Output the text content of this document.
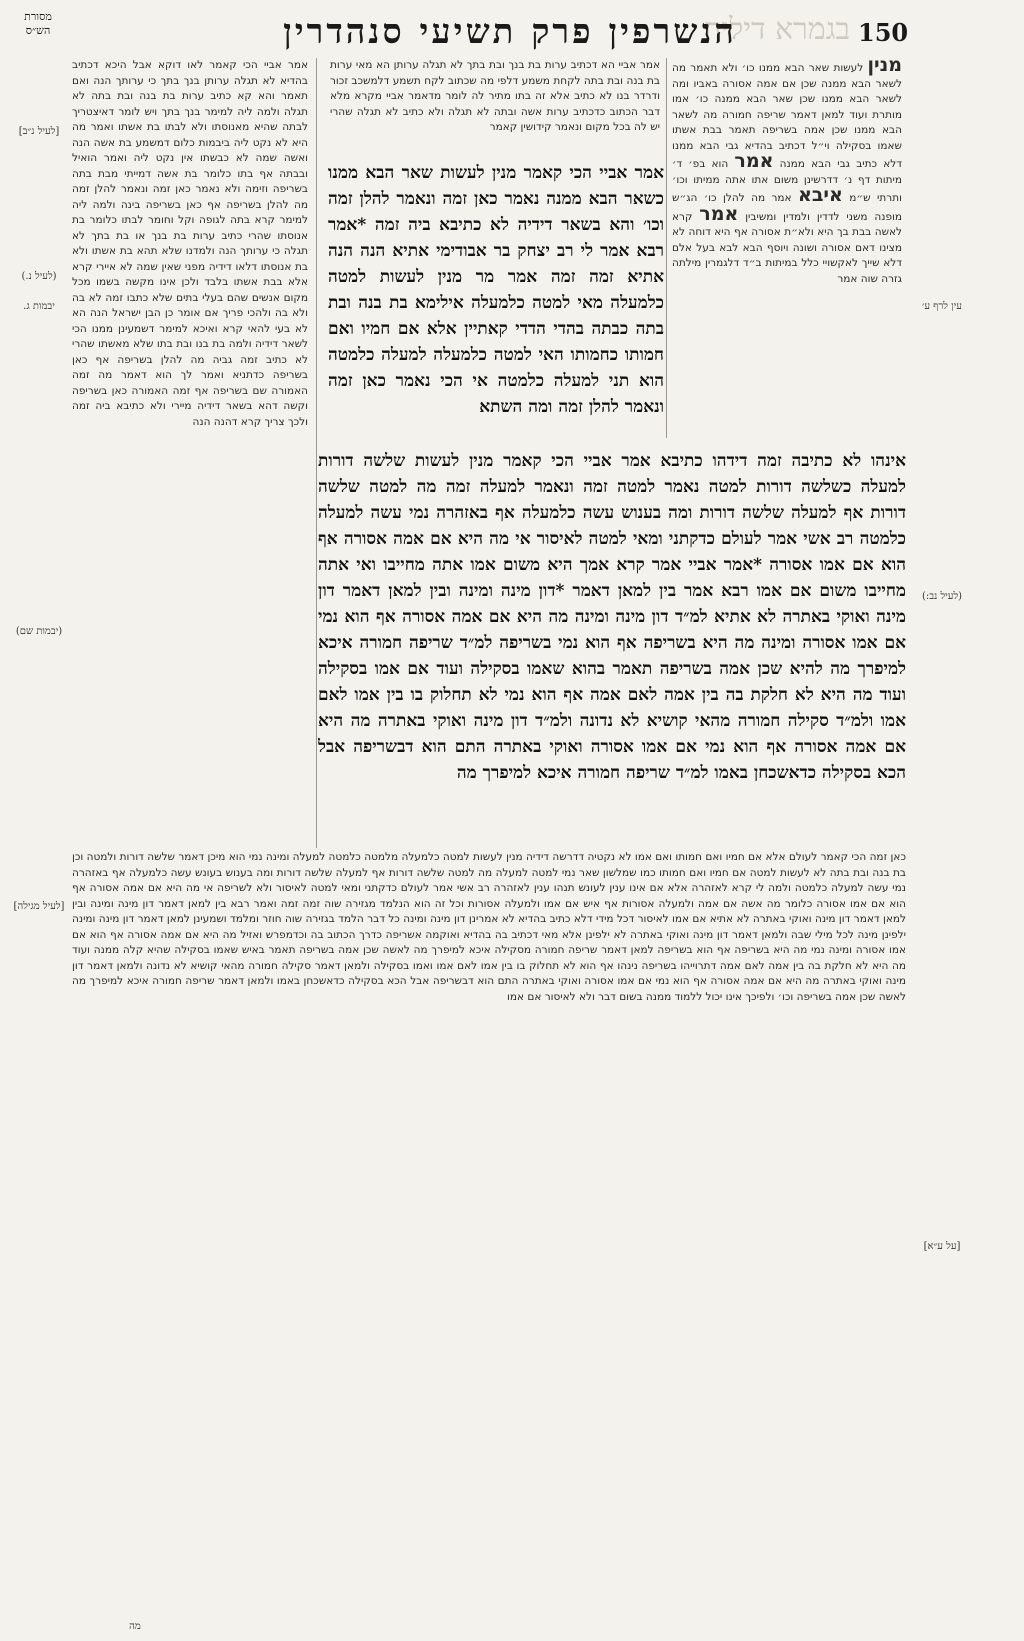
בגמרא דיליה 150
הנשרפין פרק תשיעי סנהדרין
מסורת הש״ס
מנין לעשות שאר הבא ממנו כו׳ ולא תאמר מה לשאר הבא ממנה שכן אם אמה אסורה באביו ומה לשאר הבא ממנו שכן שאר הבא ממנה כו׳ אמו מותרת ועוד למאן דאמר שריפה חמורה מה לשאר הבא ממנו שכן אמה בשריפה תאמר בבת אשתו שאמו בסקילה וי״ל דכתיב בהדיא גבי הבא ממנו דלא כתיב גבי הבא ממנה אמר הוא בפ׳ ד׳ מיתות דף נ׳ דדרשינן משום אתו אתה ממיתו וכו׳ ותרתי ש״מ איבא אמר מה להלן כו׳ הג״ש מופנה משני לדדין ולמדין ומשיבין אמר קרא לאשה בבת בך היא ולא״ת אסורה אף היא דוחה לא מצינו דאם אסורה ושונה ויוסף הבא לבא בעל אלם דלא שייך לאקשויי כלל במיתות ב״ד דלגמרין מילתה גזרה שוה אמר
אמר אביי הא דכתיב ערות בת בנך ובת בתך לא תגלה ערותן הא מאי ערות בת בנה ובת בתה לקחת משמע דלפי מה שכתוב לקח תשמע דלמשכב זכור ודרדר בנו לא כתיב אלא זה בתו מתיר לה לומר מדאמר אביי מקרא מלא דבר הכתוב כדכתיב ערות אשה ובתה לא תגלה ולא כתיב לא תגלה שהרי יש לה בכל מקום ונאמר קידושין קאמר
אמר אביי הכי קאמר מנין לעשות שאר הבא ממנו כשאר הבא ממנה נאמר כאן זמה ונאמר להלן זמה וכו׳ והא בשאר דידיה לא כתיבא ביה זמה *אמר רבא אמר לי רב יצחק בר אבודימי אתיא הנה הנה אתיא זמה זמה אמר מר מנין לעשות למטה כלמעלה מאי למטה כלמעלה אילימא בת בנה ובת בתה כבתה בהדי הדדי קאתיין אלא אם חמיו ואם חמותו כחמותו האי למטה כלמעלה למעלה כלמטה הוא תני למעלה כלמטה אי הכי נאמר כאן זמה ונאמר להלן זמה ומה השתא
אינהו לא כתיבה זמה דידהו כתיבא אמר אביי הכי קאמר מנין לעשות שלשה דורות למעלה כשלשה דורות למטה נאמר למטה זמה ונאמר למעלה זמה מה למטה שלשה דורות אף למעלה שלשה דורות ומה בענוש עשה כלמעלה אף באזהרה נמי עשה למעלה כלמטה רב אשי אמר לעולם כדקתני ומאי למטה לאיסור אי מה היא אם אמה אסורה אף הוא אם אמו אסורה *אמר אביי אמר קרא אמך היא משום אמו אתה מחייבו ואי אתה מחייבו משום אם אמו רבא אמר בין למאן דאמר *דון מינה ומינה ובין למאן דאמר דון מינה ואוקי באתרה לא אתיא למ״ד דון מינה ומינה מה היא אם אמה אסורה אף הוא נמי אם אמו אסורה ומינה מה היא בשריפה אף הוא נמי בשריפה למ״ד שריפה חמורה איכא למיפרך מה להיא שכן אמה בשריפה תאמר בהוא שאמו בסקילה ועוד אם אמו בסקילה ועוד מה היא לא חלקת בה בין אמה לאם אמה אף הוא נמי לא תחלוק בו בין אמו לאם אמו ולמ״ד סקילה חמורה מהאי קושיא לא נדונה ולמ״ד דון מינה ואוקי באתרה מה היא אם אמה אסורה אף הוא נמי אם אמו אסורה ואוקי באתרה התם הוא דבשריפה אבל הכא בסקילה כדאשכחן באמו למ״ד שריפה חמורה איכא למיפרך מה
אמר אביי הכי קאמר לאו דוקא אבל היכא דכתיב בהדיא לא תגלה ערותן בנך בתך כי ערותך הנה ואם תאמר והא קא כתיב ערות בת בנה ובת בתה לא תגלה ולמה ליה למימר בנך בתך ויש לומר דאיצטריך לבתה שהיא מאנוסתו ולא לבתו בת אשתו ואמר מה היא לא נקט ליה ביבמות כלום דמשמע בת אשה הנה ואשה שמה לא כבשתו אין נקט ליה ואמר הואיל ובבתה אף בתו כלומר בת אשה דמייתי מבת בתה בשריפה וזימה ולא נאמר כאן זמה ונאמר להלן זמה מה להלן בשריפה אף כאן בשריפה בינה ולמה ליה למימר קרא בתה לגופה וקל וחומר לבתו כלומר בת אנוסתו שהרי כתיב ערות בת בנך או בת בתך לא תגלה כי ערותך הנה ולמדנו שלא תהא בת אשתו ולא בת אנוסתו דלאו דידיה מפני שאין שמה לא איירי קרא אלא בבת אשתו בלבד ולכן אינו מקשה בשמו מכל מקום אנשים שהם בעלי בתים שלא כתבו זמה לא בה ולא בה ולהכי פריך אם אומר כן הבן ישראל הנה הא לא בעי להאי קרא ואיכא למימר דשמעינן ממנו הכי לשאר דידיה ולמה בת בנו ובת בתו שלא מאשתו שהרי לא כתיב זמה גביה מה להלן בשריפה אף כאן בשריפה כדתניא ואמר לך הוא דאמר מה זמה האמורה שם בשריפה אף זמה האמורה כאן בשריפה וקשה דהא בשאר דידיה מיירי ולא כתיבא ביה זמה ולכך צריך קרא דהנה הנה
כאן זמה הכי קאמר לעולם אלא אם חמיו ואם חמותו ואם אמו לא נקטיה דדרשה דידיה מנין לעשות למטה כלמעלה מלמטה כלמטה למעלה ומינה נמי הוא מיכן דאמר שלשה דורות ולמטה וכן בת בנה ובת בתה לא לעשות למטה אם חמיו ואם חמותו כמו שמלשון שאר נמי למטה למעלה מה למטה שלשה דורות אף למעלה שלשה דורות ומה בענוש בעונש עשה כלמעלה אף באזהרה נמי עשה למעלה כלמטה ולמה לי קרא לאזהרה אלא אם אינו ענין לעונש תנהו ענין לאזהרה רב אשי אמר לעולם כדקתני ומאי למטה לאיסור ולא לשריפה אי מה היא אם אמה אסורה אף הוא אם אמו אסורה כלומר מה אשה אם אמה ולמעלה אסורות אף איש אם אמו ולמעלה אסורות וכל זה הוא הנלמד מגזירה שוה זמה זמה ואמר רבא בין למאן דאמר דון מינה ומינה ובין למאן דאמר דון מינה ואוקי באתרה לא אתיא אם אמו לאיסור דכל מידי דלא כתיב בהדיא לא אמרינן דון מינה ומינה כל דבר הלמד בגזירה שוה חוזר ומלמד ושמעינן למאן דאמר דון מינה ומינה ילפינן מינה לכל מילי שבה ולמאן דאמר דון מינה ואוקי באתרה לא ילפינן אלא מאי דכתיב בה בהדיא ואוקמה אשריפה כדרך הכתוב בה וכדמפרש ואזיל מה היא אם אמה אסורה אף הוא אם אמו אסורה ומינה נמי מה היא בשריפה אף הוא בשריפה למאן דאמר שריפה חמורה מסקילה איכא למיפרך מה לאשה שכן אמה בשריפה תאמר באיש שאמו בסקילה שהיא קלה ממנה ועוד מה היא לא חלקת בה בין אמה לאם אמה דתרוייהו בשריפה נינהו אף הוא לא תחלוק בו בין אמו לאם אמו ואמו בסקילה ולמאן דאמר סקילה חמורה מהאי קושיא לא נדונה ולמאן דאמר דון מינה ואוקי באתרה מה היא אם אמה אסורה אף הוא נמי אם אמו אסורה ואוקי באתרה התם הוא דבשריפה אבל הכא בסקילה כדאשכחן באמו ולמאן דאמר שריפה חמורה איכא למיפרך מה לאשה שכן אמה בשריפה וכו׳ ולפיכך אינו יכול ללמוד ממנה בשום דבר ולא לאיסור אם אמו
מה
[לעיל נ״ב]
(לעיל נ.)
יבמות ג.
(יבמות שם)
[לעיל מגילה]
עין לרף ע׳
(לעיל נב:)
[על ע״א]
